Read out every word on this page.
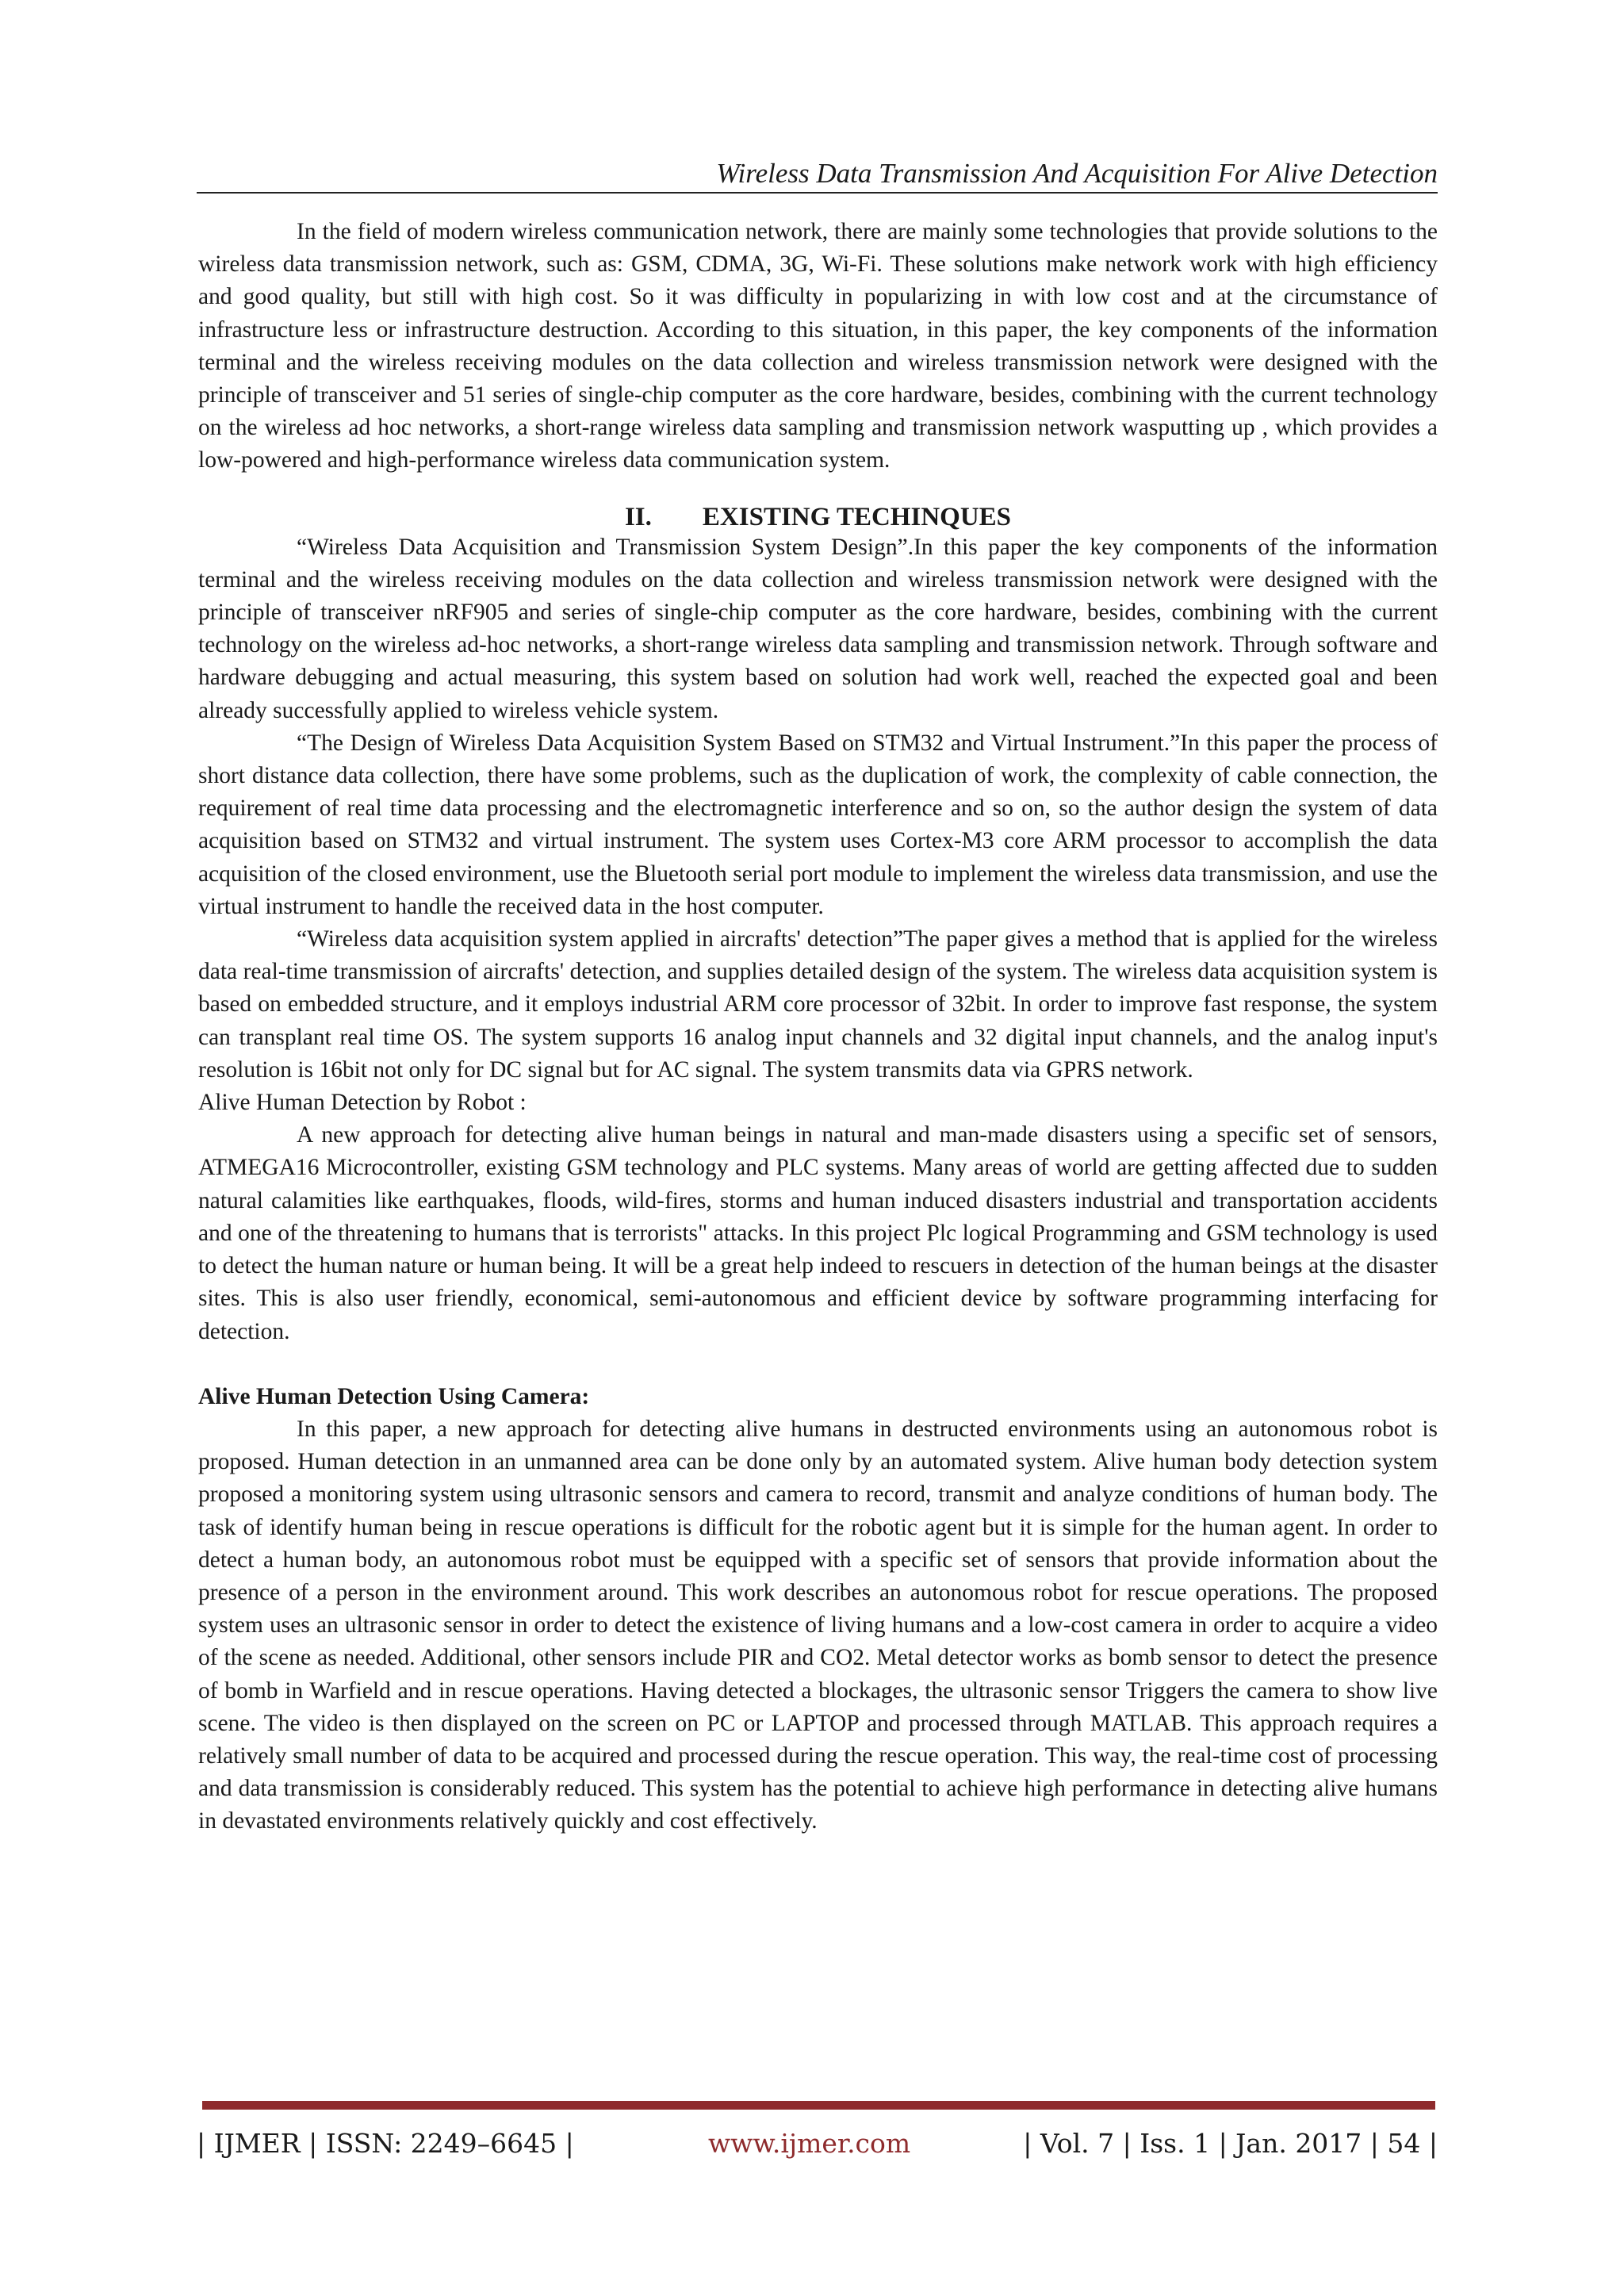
Wireless Data Transmission And Acquisition For Alive Detection

In the field of modern wireless communication network, there are mainly some technologies that provide solutions to the wireless data transmission network, such as: GSM, CDMA, 3G, Wi-Fi. These solutions make network work with high efficiency and good quality, but still with high cost. So it was difficulty in popularizing in with low cost and at the circumstance of infrastructure less or infrastructure destruction. According to this situation, in this paper, the key components of the information terminal and the wireless receiving modules on the data collection and wireless transmission network were designed with the principle of transceiver and 51 series of single-chip computer as the core hardware, besides, combining with the current technology on the wireless ad hoc networks, a short-range wireless data sampling and transmission network wasputting up , which provides a low-powered and high-performance wireless data communication system.

II. EXISTING TECHINQUES

“Wireless Data Acquisition and Transmission System Design”.In this paper the key components of the information terminal and the wireless receiving modules on the data collection and wireless transmission network were designed with the principle of transceiver nRF905 and series of single-chip computer as the core hardware, besides, combining with the current technology on the wireless ad-hoc networks, a short-range wireless data sampling and transmission network. Through software and hardware debugging and actual measuring, this system based on solution had work well, reached the expected goal and been already successfully applied to wireless vehicle system.

“The Design of Wireless Data Acquisition System Based on STM32 and Virtual Instrument.”In this paper the process of short distance data collection, there have some problems, such as the duplication of work, the complexity of cable connection, the requirement of real time data processing and the electromagnetic interference and so on, so the author design the system of data acquisition based on STM32 and virtual instrument. The system uses Cortex-M3 core ARM processor to accomplish the data acquisition of the closed environment, use the Bluetooth serial port module to implement the wireless data transmission, and use the virtual instrument to handle the received data in the host computer.

“Wireless data acquisition system applied in aircrafts' detection”The paper gives a method that is applied for the wireless data real-time transmission of aircrafts' detection, and supplies detailed design of the system. The wireless data acquisition system is based on embedded structure, and it employs industrial ARM core processor of 32bit. In order to improve fast response, the system can transplant real time OS. The system supports 16 analog input channels and 32 digital input channels, and the analog input's resolution is 16bit not only for DC signal but for AC signal. The system transmits data via GPRS network.

Alive Human Detection by Robot :

A new approach for detecting alive human beings in natural and man-made disasters using a specific set of sensors, ATMEGA16 Microcontroller, existing GSM technology and PLC systems. Many areas of world are getting affected due to sudden natural calamities like earthquakes, floods, wild-fires, storms and human induced disasters industrial and transportation accidents and one of the threatening to humans that is terrorists" attacks. In this project Plc logical Programming and GSM technology is used to detect the human nature or human being. It will be a great help indeed to rescuers in detection of the human beings at the disaster sites. This is also user friendly, economical, semi-autonomous and efficient device by software programming interfacing for detection.

Alive Human Detection Using Camera:

In this paper, a new approach for detecting alive humans in destructed environments using an autonomous robot is proposed. Human detection in an unmanned area can be done only by an automated system. Alive human body detection system proposed a monitoring system using ultrasonic sensors and camera to record, transmit and analyze conditions of human body. The task of identify human being in rescue operations is difficult for the robotic agent but it is simple for the human agent. In order to detect a human body, an autonomous robot must be equipped with a specific set of sensors that provide information about the presence of a person in the environment around. This work describes an autonomous robot for rescue operations. The proposed system uses an ultrasonic sensor in order to detect the existence of living humans and a low-cost camera in order to acquire a video of the scene as needed. Additional, other sensors include PIR and CO2. Metal detector works as bomb sensor to detect the presence of bomb in Warfield and in rescue operations. Having detected a blockages, the ultrasonic sensor Triggers the camera to show live scene. The video is then displayed on the screen on PC or LAPTOP and processed through MATLAB. This approach requires a relatively small number of data to be acquired and processed during the rescue operation. This way, the real-time cost of processing and data transmission is considerably reduced. This system has the potential to achieve high performance in detecting alive humans in devastated environments relatively quickly and cost effectively.

| IJMER | ISSN: 2249–6645 |	www.ijmer.com	| Vol. 7 | Iss. 1 | Jan. 2017 | 54 |
